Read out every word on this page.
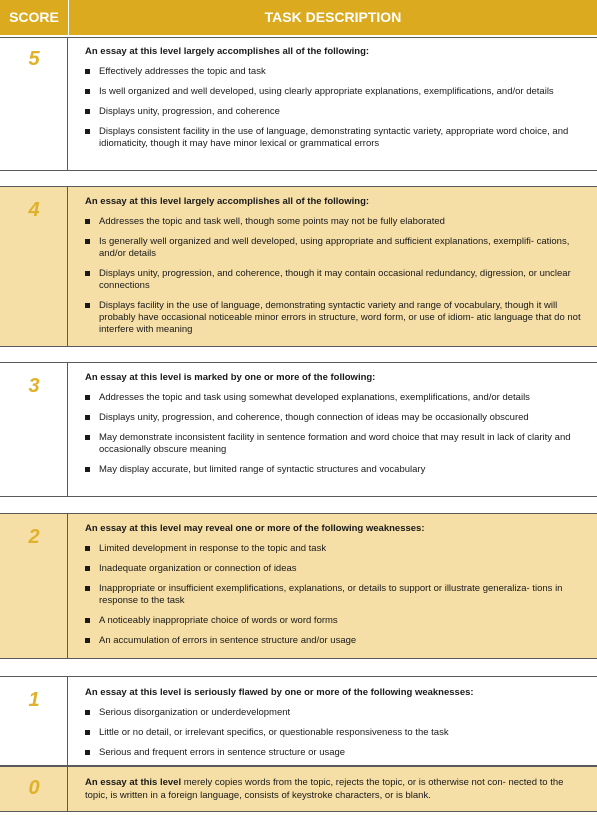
SCORE	TASK DESCRIPTION
5	An essay at this level largely accomplishes all of the following:
Effectively addresses the topic and task
Is well organized and well developed, using clearly appropriate explanations, exemplifications, and/or details
Displays unity, progression, and coherence
Displays consistent facility in the use of language, demonstrating syntactic variety, appropriate word choice, and idiomaticity, though it may have minor lexical or grammatical errors
4	An essay at this level largely accomplishes all of the following:
Addresses the topic and task well, though some points may not be fully elaborated
Is generally well organized and well developed, using appropriate and sufficient explanations, exemplifi- cations, and/or details
Displays unity, progression, and coherence, though it may contain occasional redundancy, digression, or unclear connections
Displays facility in the use of language, demonstrating syntactic variety and range of vocabulary, though it will probably have occasional noticeable minor errors in structure, word form, or use of idiom- atic language that do not interfere with meaning
3	An essay at this level is marked by one or more of the following:
Addresses the topic and task using somewhat developed explanations, exemplifications, and/or details
Displays unity, progression, and coherence, though connection of ideas may be occasionally obscured
May demonstrate inconsistent facility in sentence formation and word choice that may result in lack of clarity and occasionally obscure meaning
May display accurate, but limited range of syntactic structures and vocabulary
2	An essay at this level may reveal one or more of the following weaknesses:
Limited development in response to the topic and task
Inadequate organization or connection of ideas
Inappropriate or insufficient exemplifications, explanations, or details to support or illustrate generaliza- tions in response to the task
A noticeably inappropriate choice of words or word forms
An accumulation of errors in sentence structure and/or usage
1	An essay at this level is seriously flawed by one or more of the following weaknesses:
Serious disorganization or underdevelopment
Little or no detail, or irrelevant specifics, or questionable responsiveness to the task
Serious and frequent errors in sentence structure or usage
0	An essay at this level merely copies words from the topic, rejects the topic, or is otherwise not con- nected to the topic, is written in a foreign language, consists of keystroke characters, or is blank.
